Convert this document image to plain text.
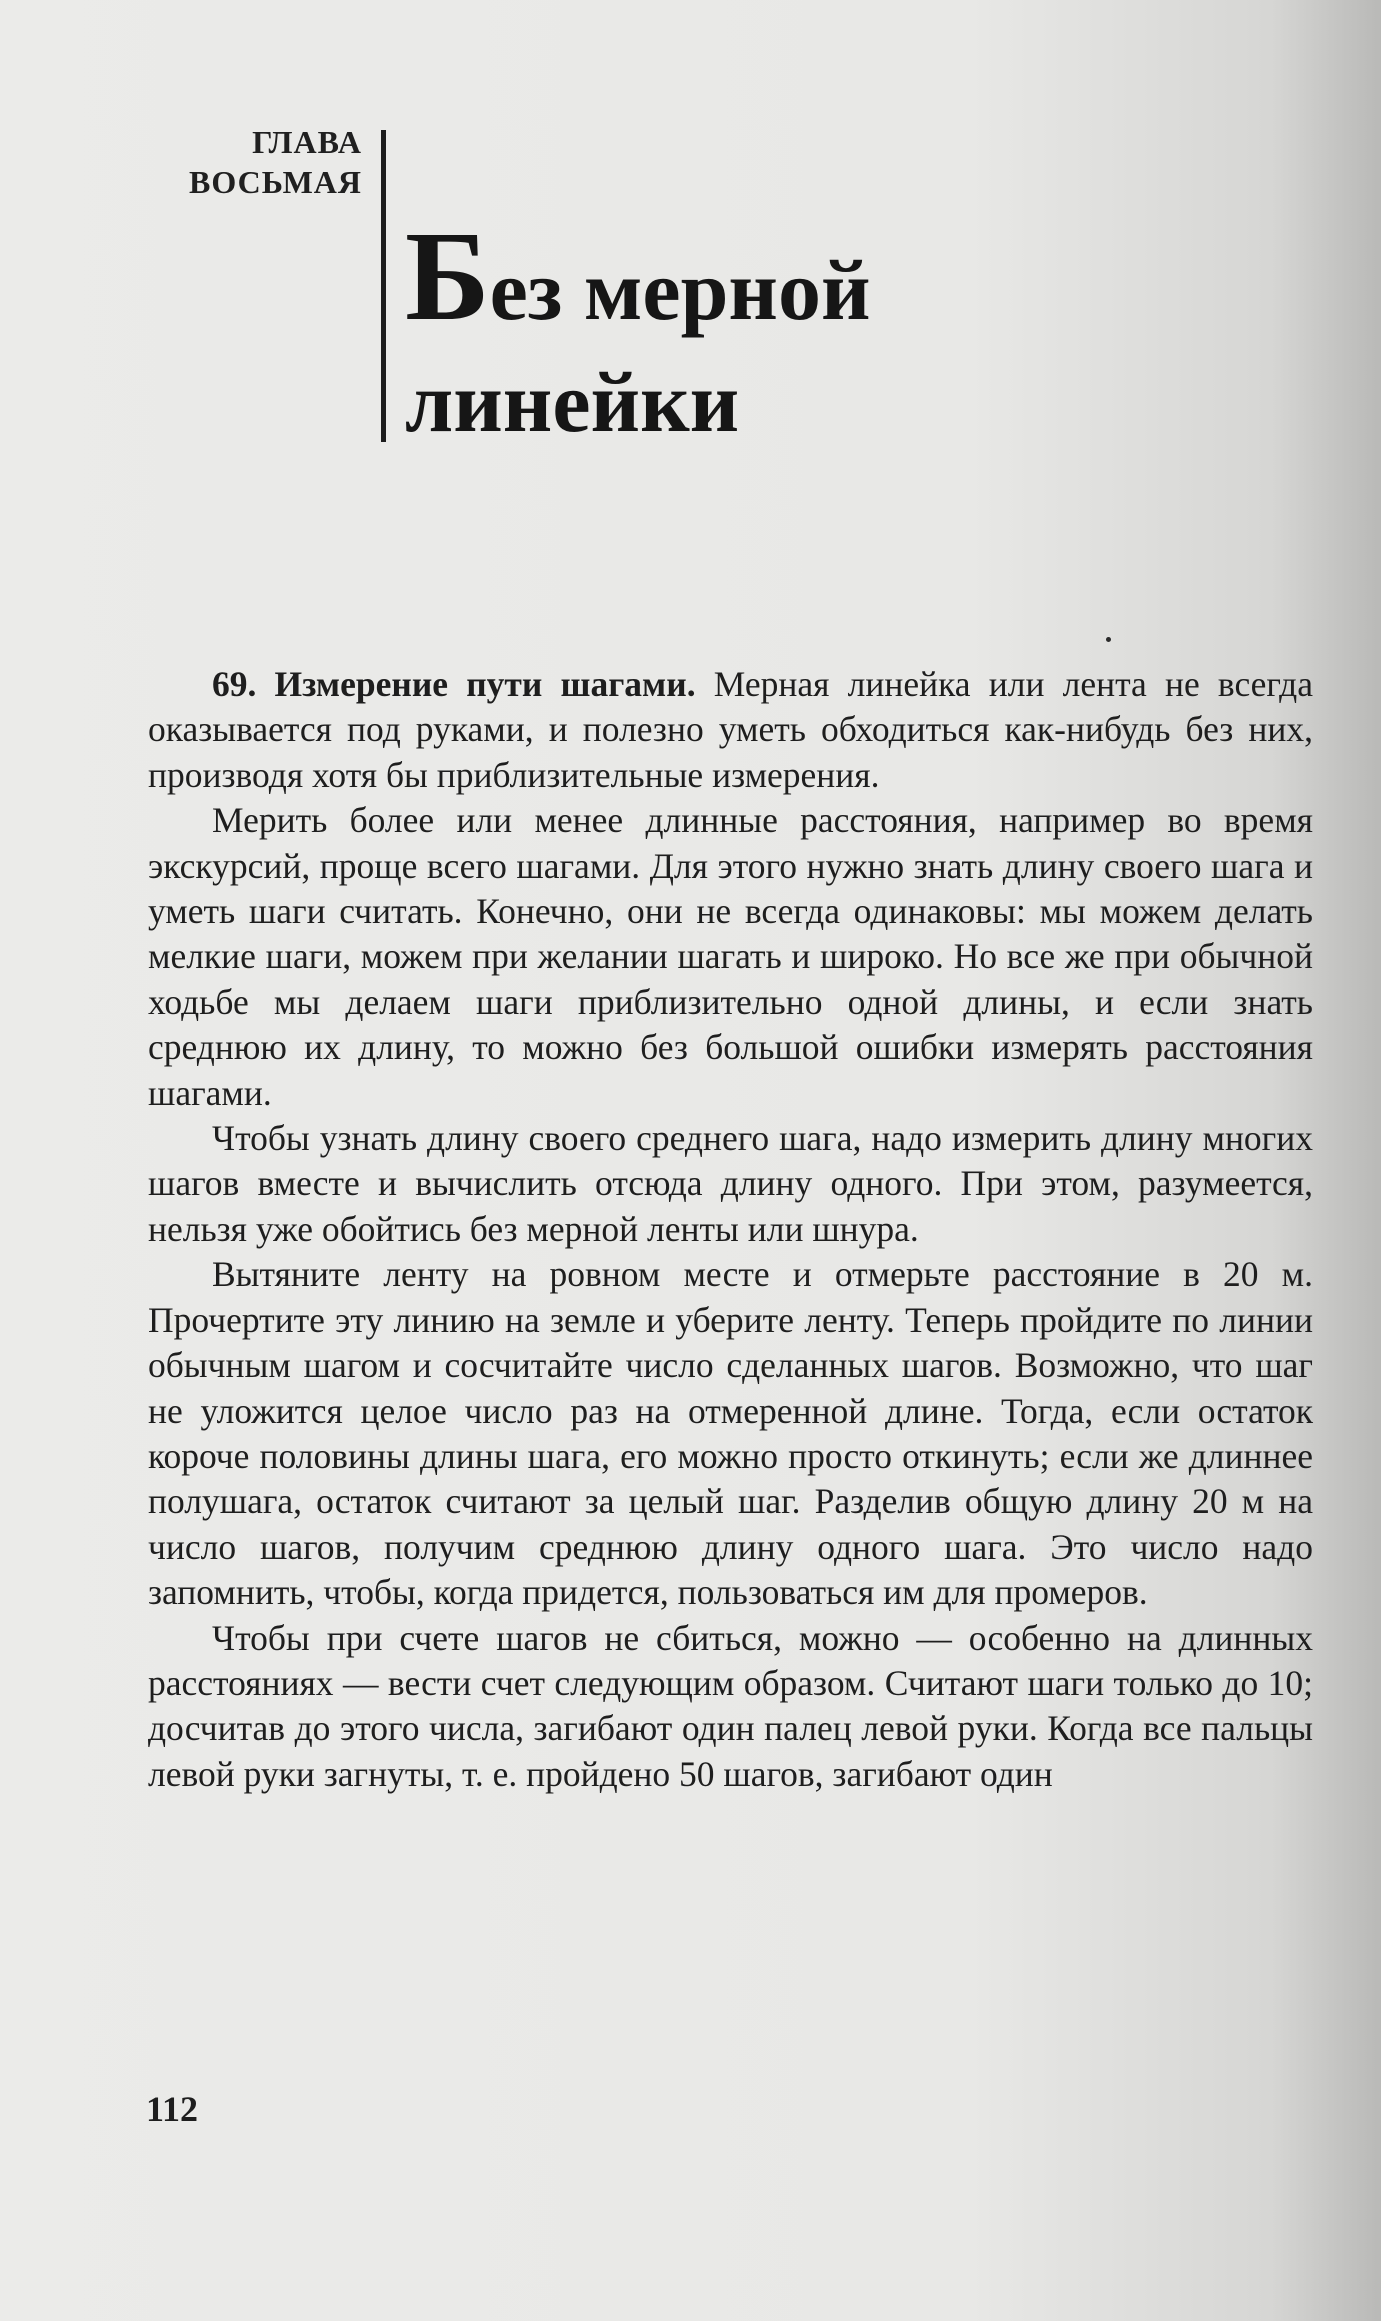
ГЛАВА
ВОСЬМАЯ
Без мерной
линейки

69. Измерение пути шагами. Мерная линейка или лента не всегда оказывается под руками, и полезно уметь обходиться как-нибудь без них, производя хотя бы приблизительные измерения.

Мерить более или менее длинные расстояния, например во время экскурсий, проще всего шагами. Для этого нужно знать длину своего шага и уметь шаги считать. Конечно, они не всегда одинаковы: мы можем делать мелкие шаги, можем при желании шагать и широко. Но все же при обычной ходьбе мы делаем шаги приблизительно одной длины, и если знать среднюю их длину, то можно без большой ошибки измерять расстояния шагами.

Чтобы узнать длину своего среднего шага, надо измерить длину многих шагов вместе и вычислить отсюда длину одного. При этом, разумеется, нельзя уже обойтись без мерной ленты или шнура.

Вытяните ленту на ровном месте и отмерьте расстояние в 20 м. Прочертите эту линию на земле и уберите ленту. Теперь пройдите по линии обычным шагом и сосчитайте число сделанных шагов. Возможно, что шаг не уложится целое число раз на отмеренной длине. Тогда, если остаток короче половины длины шага, его можно просто откинуть; если же длиннее полушага, остаток считают за целый шаг. Разделив общую длину 20 м на число шагов, получим среднюю длину одного шага. Это число надо запомнить, чтобы, когда придется, пользоваться им для промеров.

Чтобы при счете шагов не сбиться, можно — особенно на длинных расстояниях — вести счет следующим образом. Считают шаги только до 10; досчитав до этого числа, загибают один палец левой руки. Когда все пальцы левой руки загнуты, т. е. пройдено 50 шагов, загибают один

112
